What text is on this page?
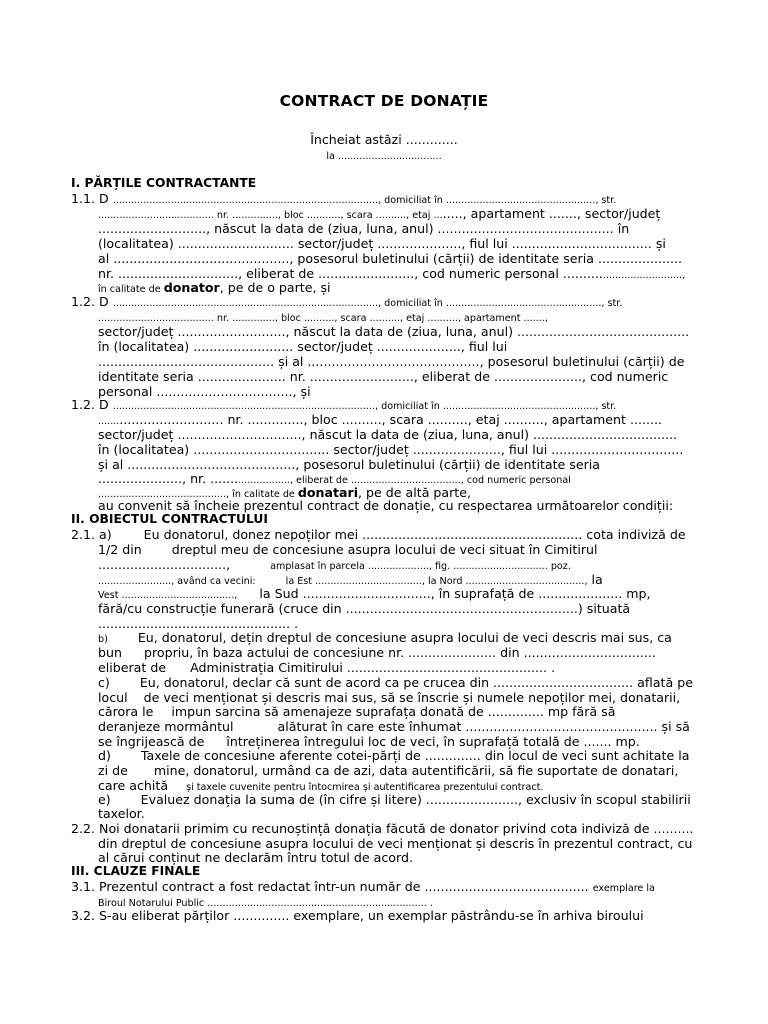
CONTRACT DE DONAȚIE
Încheiat astăzi .............
la ..................................
I. PĂRȚILE CONTRACTANTE
1.1. D ......................................................................................., domiciliat în ................................................., str.
...................................... nr. ..............., bloc ..........., scara .........., etaj ........, apartament ......., sector/județ
..........................., născut la data de (ziua, luna, anul) ............................................ în
(localitatea) ............................. sector/județ ....................., fiul lui ................................... și
al ............................................, posesorul buletinului (cărții) de identitate seria .....................
nr. .............................., eliberat de ........................, cod numeric personal ....................................,
în calitate de donator, pe de o parte, și
1.2. D ......................................................................................., domiciliat în ..................................................., str.
...................................... nr. .............., bloc .........., scara .........., etaj .........., apartament .......,
sector/județ ..........................., născut la data de (ziua, luna, anul) ...........................................
în (localitatea) ......................... sector/județ ....................., fiul lui
............................................ și al ..........................................., posesorul buletinului (cărții) de
identitate seria ...................... nr. .........................., eliberat de ......................, cod numeric
personal .................................., și
1.2. D ......................................................................................, domiciliat în .................................................., str.
................................. nr. .............., bloc .........., scara .........., etaj .........., apartament ........
sector/județ ..............................., născut la data de (ziua, luna, anul) ....................................
în (localitatea) .................................. sector/județ ......................, fiul lui .................................
și al .........................................., posesorul buletinului (cărții) de identitate seria
....................., nr. ........................, eliberat de ...................................., cod numeric personal
.........................................., în calitate de donatari, pe de altă parte,
au convenit să încheie prezentul contract de donație, cu respectarea următoarelor condiții:
II. OBIECTUL CONTRACTULUI
2.1. a)	Eu donatorul, donez nepoților mei ....................................................... cota indiviză de
1/2 din dreptul meu de concesiune asupra locului de veci situat în Cimitirul
................................,	amplasat în parcela ...................., fig. ............................... poz.
........................, având ca vecini:	la Est ..................................., la Nord ......................................., la
Vest ....................................., la Sud ................................, în suprafață de ..................... mp,
fără/cu construcție funerară (cruce din ..........................................................) situată
................................................ .
b) Eu, donatorul, dețin dreptul de concesiune asupra locului de veci descris mai sus, ca
bun propriu, în baza actului de concesiune nr. ...................... din .................................
eliberat de Administrația Cimitirului .................................................. .
c) Eu, donatorul, declar că sunt de acord ca pe crucea din ................................... aflată pe
locul de veci menționat și descris mai sus, să se înscrie și numele nepoților mei, donatarii,
cărora le impun sarcina să amenajeze suprafața donată de .............. mp fără să
deranjeze mormântul	alăturat în care este înhumat ................................................ și să
se îngrijească de întreținerea întregului loc de veci, în suprafață totală de ....... mp.
d) Taxele de concesiune aferente cotei-părți de .............. din locul de veci sunt achitate la
zi de mine, donatorul, urmând ca de azi, data autentificării, să fie suportate de donatari,
care achită și taxele cuvenite pentru întocmirea și autentificarea prezentului contract.
e) Evaluez donația la suma de (în cifre și litere) ......................., exclusiv în scopul stabilirii
taxelor.
2.2. Noi donatarii primim cu recunoștință donația făcută de donator privind cota indiviză de ..........
din dreptul de concesiune asupra locului de veci menționat și descris în prezentul contract, cu
al cărui conținut ne declarăm întru totul de acord.
III. CLAUZE FINALE
3.1. Prezentul contract a fost redactat într-un număr de ......................................... exemplare la
Biroul Notarului Public ........................................................................ .
3.2. S-au eliberat părților .............. exemplare, un exemplar păstrându-se în arhiva biroului
